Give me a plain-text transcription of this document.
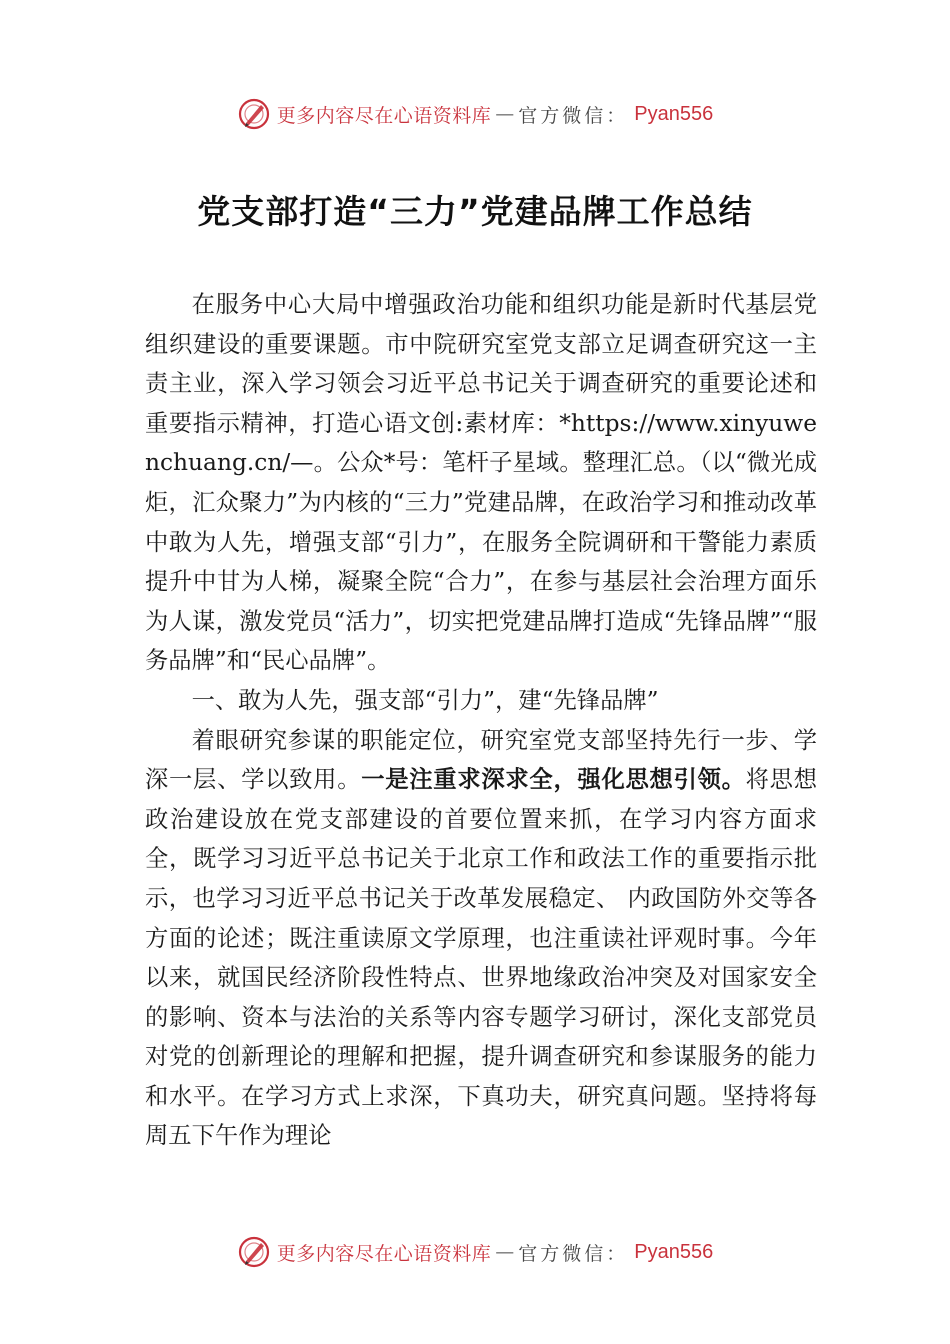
更多内容尽在心语资料库 — 官方微信： Pyan556
党支部打造“三力”党建品牌工作总结

在服务中心大局中增强政治功能和组织功能是新时代基层党组织建设的重要课题。市中院研究室党支部立足调查研究这一主责主业，深入学习领会习近平总书记关于调查研究的重要论述和重要指示精神，打造心语文创:素材库：*https://www.xinyuwenchuang.cn/—。公众*号：笔杆子星域。整理汇总。（以“微光成炬，汇众聚力”为内核的“三力”党建品牌，在政治学习和推动改革中敢为人先，增强支部“引力”，在服务全院调研和干警能力素质提升中甘为人梯，凝聚全院“合力”，在参与基层社会治理方面乐为人谋，激发党员“活力”，切实把党建品牌打造成“先锋品牌”“服务品牌”和“民心品牌”。

一、敢为人先，强支部“引力”，建“先锋品牌”

着眼研究参谋的职能定位，研究室党支部坚持先行一步、学深一层、学以致用。一是注重求深求全，强化思想引领。将思想政治建设放在党支部建设的首要位置来抓，在学习内容方面求全，既学习习近平总书记关于北京工作和政法工作的重要指示批示，也学习习近平总书记关于改革发展稳定、 内政国防外交等各方面的论述；既注重读原文学原理，也注重读社评观时事。今年以来，就国民经济阶段性特点、世界地缘政治冲突及对国家安全的影响、资本与法治的关系等内容专题学习研讨，深化支部党员对党的创新理论的理解和把握，提升调查研究和参谋服务的能力和水平。在学习方式上求深，下真功夫，研究真问题。坚持将每周五下午作为理论

更多内容尽在心语资料库 — 官方微信： Pyan556
